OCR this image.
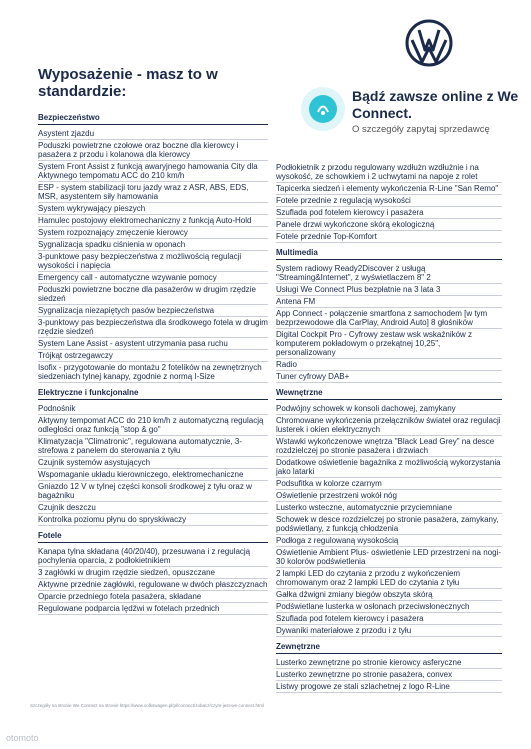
Wyposażenie - masz to w standardzie:	Bądź zawsze online z We Connect.

O szczegóły zapytaj sprzedawcę

Bezpieczeństwo
Asystent zjazdu
Poduszki powietrzne czołowe oraz boczne dla kierowcy i pasażera z przodu i kolanowa dla kierowcy
System Front Assist z funkcją awaryjnego hamowania City dla Aktywnego tempomatu ACC do 210 km/h
ESP - system stabilizacji toru jazdy wraz z ASR, ABS, EDS, MSR, asystentem siły hamowania
System wykrywający pieszych
Hamulec postojowy elektromechaniczny z funkcją Auto-Hold
System rozpoznający zmęczenie kierowcy
Sygnalizacja spadku ciśnienia w oponach
3-punktowe pasy bezpieczeństwa z możliwością regulacji wysokości i napięcia
Emergency call - automatyczne wzywanie pomocy
Poduszki powietrzne boczne dla pasażerów w drugim rzędzie siedzeń
Sygnalizacja niezapiętych pasów bezpieczeństwa
3-punktowy pas bezpieczeństwa dla środkowego fotela w drugim rzędzie siedzeń
System Lane Assist - asystent utrzymania pasa ruchu
Trójkąt ostrzegawczy
Isofix - przygotowanie do montażu 2 fotelików na zewnętrznych siedzeniach tylnej kanapy, zgodnie z normą I-Size
Elektryczne i funkcjonalne
Podnośnik
Aktywny tempomat ACC do 210 km/h z automatyczną regulacją odległości oraz funkcją "stop & go"
Klimatyzacja "Climatronic", regulowana automatycznie, 3-strefowa z panelem do sterowania z tyłu
Czujnik systemów asystujących
Wspomaganie układu kierowniczego, elektromechaniczne
Gniazdo 12 V w tylnej części konsoli środkowej z tyłu oraz w bagażniku
Czujnik deszczu
Kontrolka poziomu płynu do spryskiwaczy
Fotele
Kanapa tylna składana (40/20/40), przesuwana i z regulacją pochylenia oparcia, z podłokietnikiem
3 zagłówki w drugim rzędzie siedzeń, opuszczane
Aktywne przednie zagłówki, regulowane w dwóch płaszczyznach
Oparcie przedniego fotela pasażera, składane
Regulowane podparcia lędźwi w fotelach przednich
Podłokietnik z przodu regulowany wzdłużn wzdłużnie i na wysokość, ze schowkiem i 2 uchwytami na napoje z rolet
Tapicerka siedzeń i elementy wykończenia R-Line "San Remo"
Fotele przednie z regulacją wysokości
Szuflada pod fotelem kierowcy i pasażera
Panele drzwi wykończone skórą ekologiczną
Fotele przednie Top-Komfort
Multimedia
System radiowy Ready2Discover z usługą "Streaming&Internet", z wyświetlaczem 8" 2
Usługi We Connect Plus bezpłatnie na 3 lata 3
Antena FM
App Connect - połączenie smartfona z samochodem [w tym bezprzewodowe dla CarPlay, Android Auto] 8 głośników
Digital Cockpit Pro - Cyfrowy zestaw wsk wskaźników z komputerem pokładowym o przekątnej 10,25", personalizowany
Radio
Tuner cyfrowy DAB+
Wewnętrzne
Podwójny schowek w konsoli dachowej, zamykany
Chromowane wykończenia przełączników świateł oraz regulacji lusterek i okien elektrycznych
Wstawki wykończenowe wnętrza "Black Lead Grey" na desce rozdzielczej po stronie pasażera i drzwiach
Dodatkowe oświetlenie bagażnika z możliwością wykorzystania jako latarki
Podsufitka w kolorze czarnym
Oświetlenie przestrzeni wokół nóg
Lusterko wsteczne, automatycznie przyciemniane
Schowek w desce rozdzielczej po stronie pasażera, zamykany, podświetlany, z funkcją chłodzenia
Podłoga z regulowaną wysokością
Oświetlenie Ambient Plus- oświetlenie LED przestrzeni na nogi-30 kolorów podświetlenia
2 lampki LED do czytania z przodu z wykończeniem chromowanym oraz 2 lampki LED do czytania z tyłu
Gałka dźwigni zmiany biegów obszyta skórą
Podświetlane lusterka w osłonach przeciwsłonecznych
Szuflada pod fotelem kierowcy i pasażera
Dywaniki materiałowe z przodu i z tyłu
Zewnętrzne
Lusterko zewnętrzne po stronie kierowcy asferyczne
Lusterko zewnętrzne po stronie pasażera, convex
Listwy progowe ze stali szlachetnej z logo R-Line
Szczegóły na stronie We Connect na stronie https://www.volkswagen.pl/pl/connect/zobacz/czym-jest-we-connect.html
otomoto
